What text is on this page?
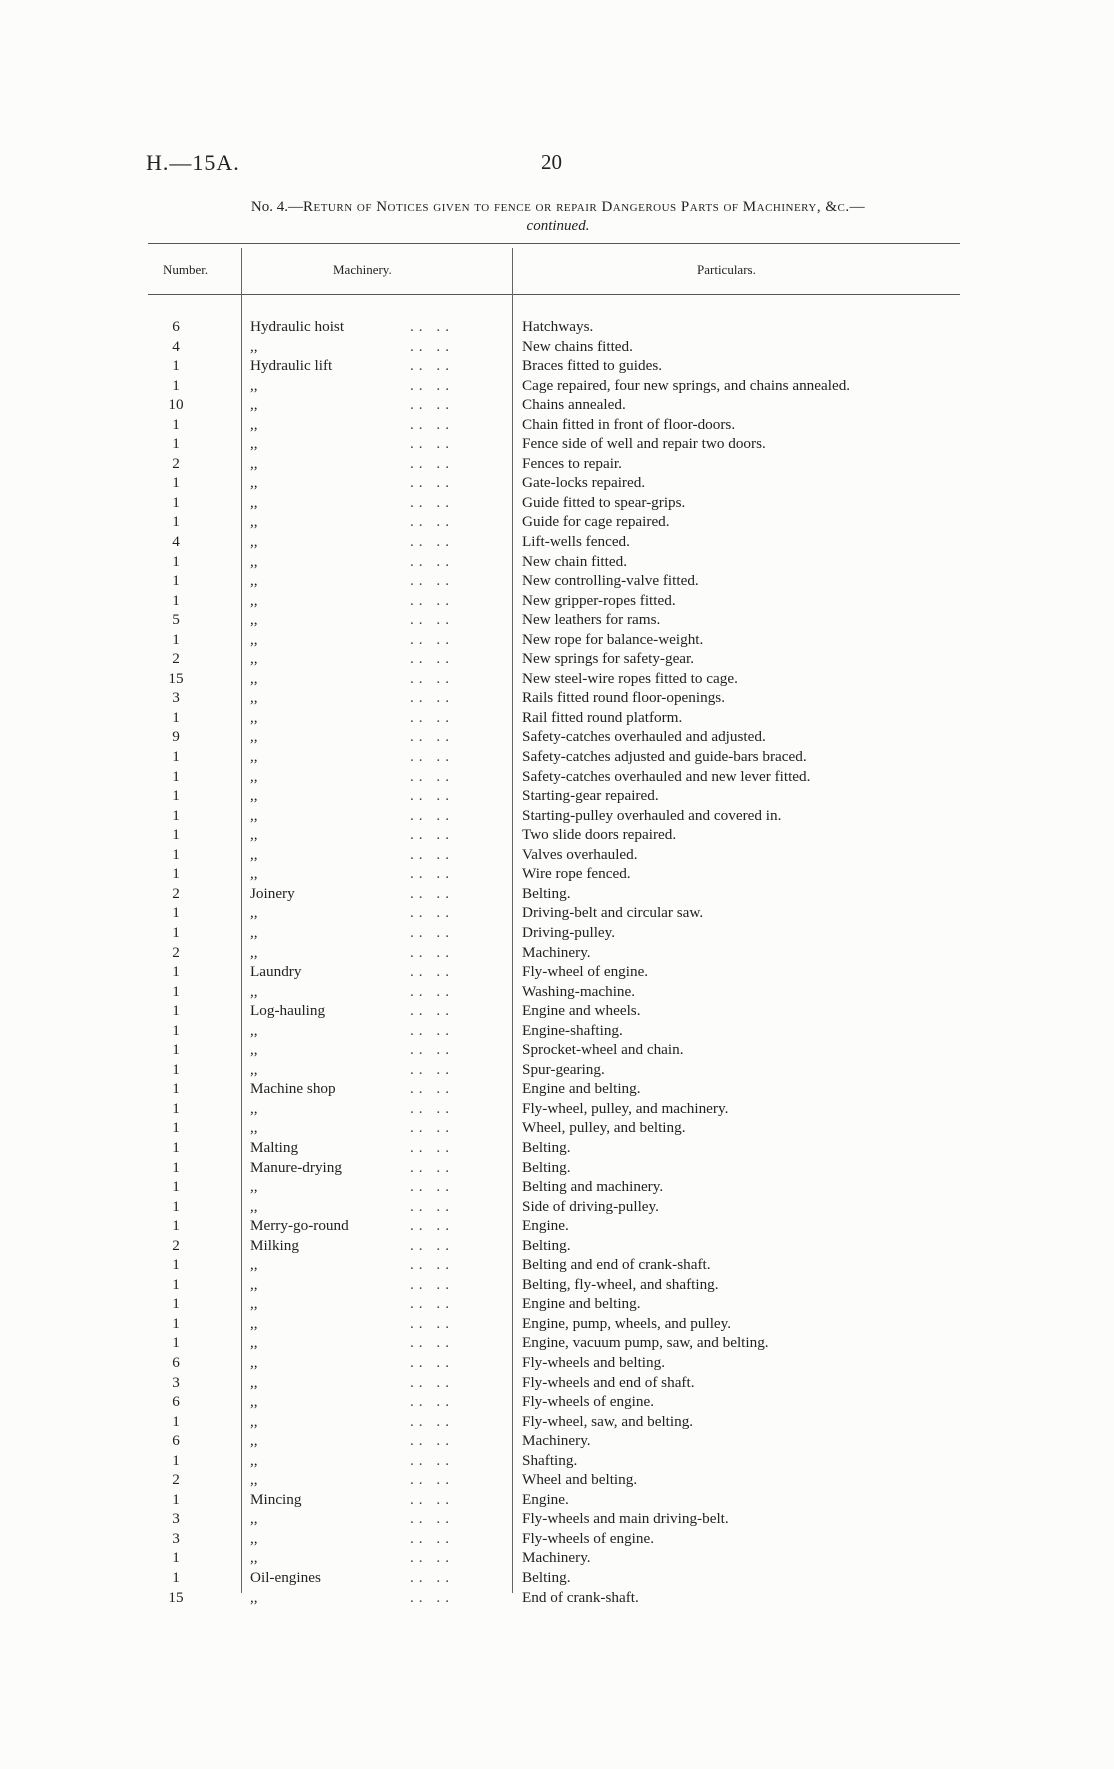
H.—15A.	20
No. 4.—Return of Notices given to fence or repair Dangerous Parts of Machinery, &c.—
continued.
Number.	Machinery.	Particulars.
6	Hydraulic hoist	Hatchways.
.. ..
4	,,	New chains fitted.
.. ..
1	Hydraulic lift	Braces fitted to guides.
.. ..
1	,,	Cage repaired, four new springs, and chains annealed.
.. ..
10	,,	Chains annealed.
.. ..
1	,,	Chain fitted in front of floor-doors.
.. ..
1	,,	Fence side of well and repair two doors.
.. ..
2	,,	Fences to repair.
.. ..
1	,,	Gate-locks repaired.
.. ..
1	,,	Guide fitted to spear-grips.
.. ..
1	,,	Guide for cage repaired.
.. ..
4	,,	Lift-wells fenced.
.. ..
1	,,	New chain fitted.
.. ..
1	,,	New controlling-valve fitted.
.. ..
1	,,	New gripper-ropes fitted.
.. ..
5	,,	New leathers for rams.
.. ..
1	,,	New rope for balance-weight.
.. ..
2	,,	New springs for safety-gear.
.. ..
15	,,	New steel-wire ropes fitted to cage.
.. ..
3	,,	Rails fitted round floor-openings.
.. ..
1	,,	Rail fitted round platform.
.. ..
9	,,	Safety-catches overhauled and adjusted.
.. ..
1	,,	Safety-catches adjusted and guide-bars braced.
.. ..
1	,,	Safety-catches overhauled and new lever fitted.
.. ..
1	,,	Starting-gear repaired.
.. ..
1	,,	Starting-pulley overhauled and covered in.
.. ..
1	,,	Two slide doors repaired.
.. ..
1	,,	Valves overhauled.
.. ..
1	,,	Wire rope fenced.
.. ..
2	Joinery	Belting.
.. ..
1	,,	Driving-belt and circular saw.
.. ..
1	,,	Driving-pulley.
.. ..
2	,,	Machinery.
.. ..
1	Laundry	Fly-wheel of engine.
.. ..
1	,,	Washing-machine.
.. ..
1	Log-hauling	Engine and wheels.
.. ..
1	,,	Engine-shafting.
.. ..
1	,,	Sprocket-wheel and chain.
.. ..
1	,,	Spur-gearing.
.. ..
1	Machine shop	Engine and belting.
.. ..
1	,,	Fly-wheel, pulley, and machinery.
.. ..
1	,,	Wheel, pulley, and belting.
.. ..
1	Malting	Belting.
.. ..
1	Manure-drying	Belting.
.. ..
1	,,	Belting and machinery.
.. ..
1	,,	Side of driving-pulley.
.. ..
1	Merry-go-round	Engine.
.. ..
2	Milking	Belting.
.. ..
1	,,	Belting and end of crank-shaft.
.. ..
1	,,	Belting, fly-wheel, and shafting.
.. ..
1	,,	Engine and belting.
.. ..
1	,,	Engine, pump, wheels, and pulley.
.. ..
1	,,	Engine, vacuum pump, saw, and belting.
.. ..
6	,,	Fly-wheels and belting.
.. ..
3	,,	Fly-wheels and end of shaft.
.. ..
6	,,	Fly-wheels of engine.
.. ..
1	,,	Fly-wheel, saw, and belting.
.. ..
6	,,	Machinery.
.. ..
1	,,	Shafting.
.. ..
2	,,	Wheel and belting.
.. ..
1	Mincing	Engine.
.. ..
3	,,	Fly-wheels and main driving-belt.
.. ..
3	,,	Fly-wheels of engine.
.. ..
1	,,	Machinery.
.. ..
1	Oil-engines	Belting.
.. ..
15	,,	End of crank-shaft.
.. ..
